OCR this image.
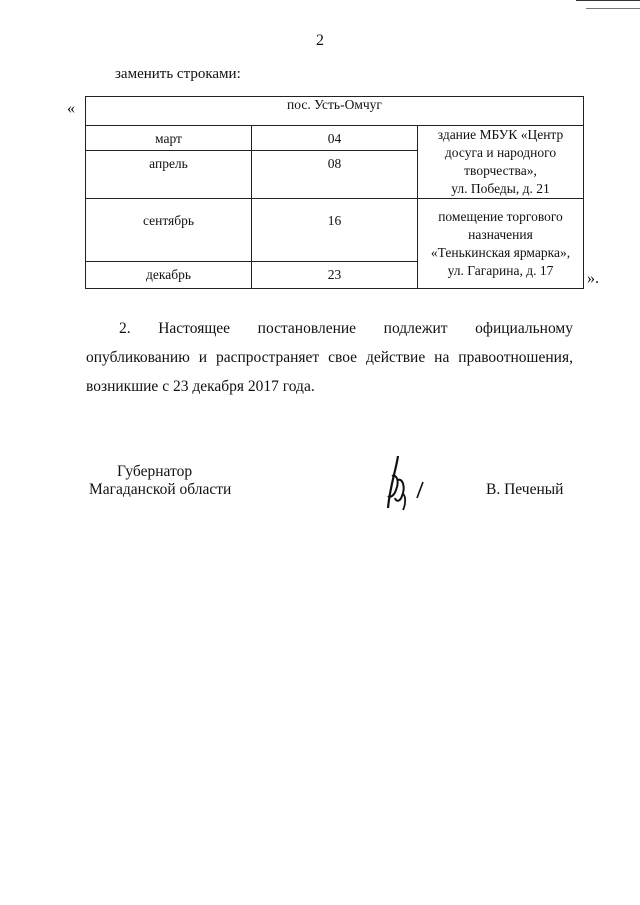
2
заменить строками:
«	пос. Усть-Омчуг		

март	04	здание МБУК «Центр досуга и народного
творчества»,
ул. Победы, д. 21

апрель	08	

сентябрь	16	помещение торгового назначения
«Тенькинская ярмарка»,
ул. Гагарина, д. 17

декабрь	23		».
2. Настоящее постановление подлежит официальному
опубликованию и распространяет свое действие на правоотношения,
возникшие с 23 декабря 2017 года.
Губернатор
Магаданской области	В. Печеный
